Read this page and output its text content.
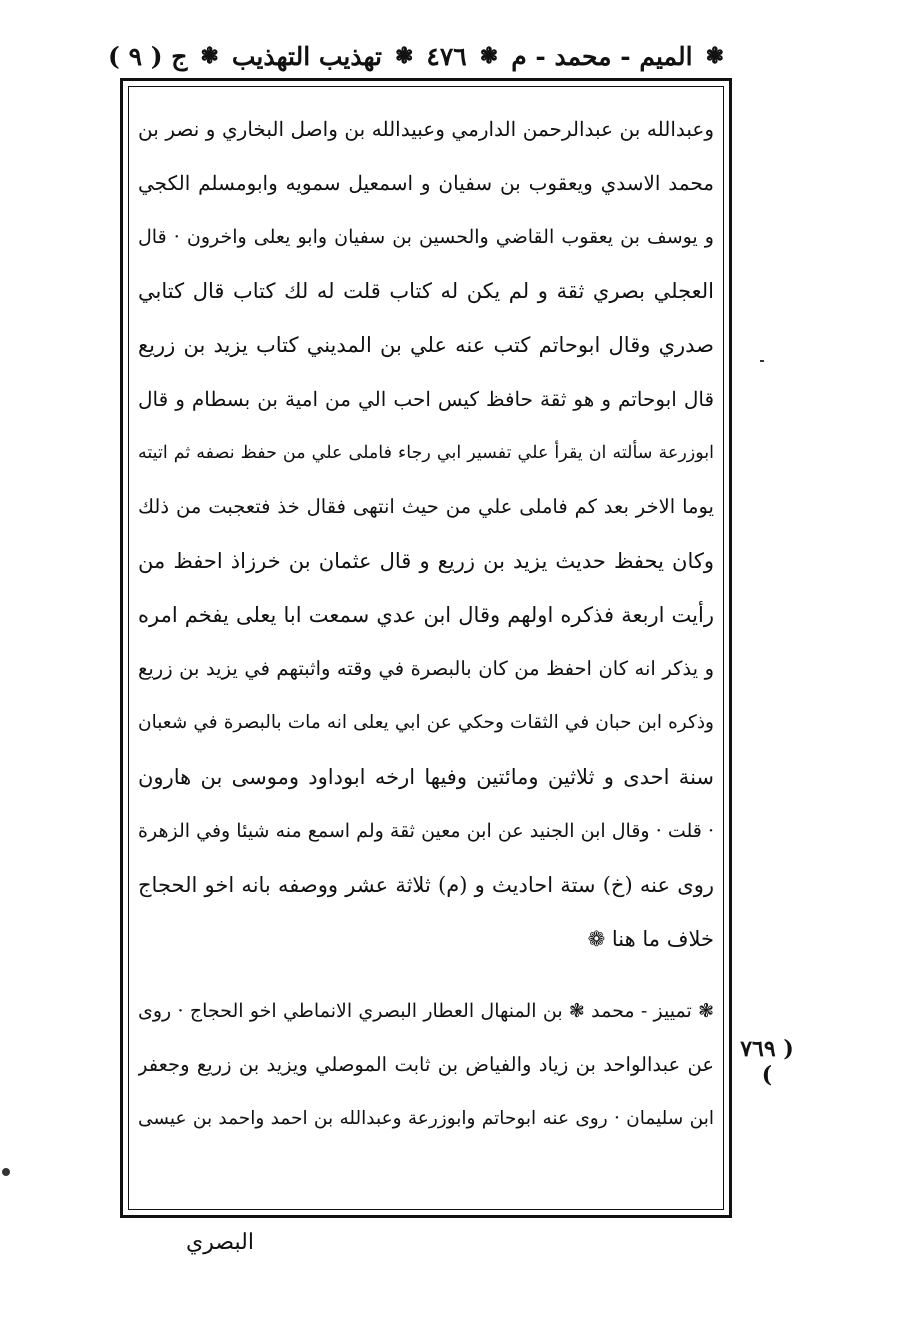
ج ( ٩ ) ❃ تهذيب التهذيب ❃ ٤٧٦ ❃ الميم - محمد - م ❃
وعبدالله بن عبدالرحمن الدارمي وعبيدالله بن واصل البخاري و نصر بن
محمد الاسدي ويعقوب بن سفيان و اسمعيل سمويه وابومسلم الكجي
و يوسف بن يعقوب القاضي والحسين بن سفيان وابو يعلى واخرون · قال
العجلي بصري ثقة و لم يكن له كتاب قلت له لك كتاب قال كتابي
صدري وقال ابوحاتم كتب عنه علي بن المديني كتاب يزيد بن زريع
قال ابوحاتم و هو ثقة حافظ كيس احب الي من امية بن بسطام و قال
ابوزرعة سألته ان يقرأ علي تفسير ابي رجاء فاملى علي من حفظ نصفه ثم اتيته
يوما الاخر بعد كم فاملى علي من حيث انتهى فقال خذ فتعجبت من ذلك
وكان يحفظ حديث يزيد بن زريع و قال عثمان بن خرزاذ احفظ من
رأيت اربعة فذكره اولهم وقال ابن عدي سمعت ابا يعلى يفخم امره
و يذكر انه كان احفظ من كان بالبصرة في وقته واثبتهم في يزيد بن زريع
وذكره ابن حبان في الثقات وحكي عن ابي يعلى انه مات بالبصرة في شعبان
سنة احدى و ثلاثين ومائتين وفيها ارخه ابوداود وموسى بن هارون
· قلت · وقال ابن الجنيد عن ابن معين ثقة ولم اسمع منه شيئا وفي الزهرة
روى عنه (خ) ستة احاديث و (م) ثلاثة عشر ووصفه بانه اخو الحجاج
خلاف ما هنا ❁
❃ تمييز - محمد ❃ بن المنهال العطار البصري الانماطي اخو الحجاج · روى
عن عبدالواحد بن زياد والفياض بن ثابت الموصلي ويزيد بن زريع وجعفر
ابن سليمان · روى عنه ابوحاتم وابوزرعة وعبدالله بن احمد واحمد بن عيسى
( ٧٦٩ )
البصري
